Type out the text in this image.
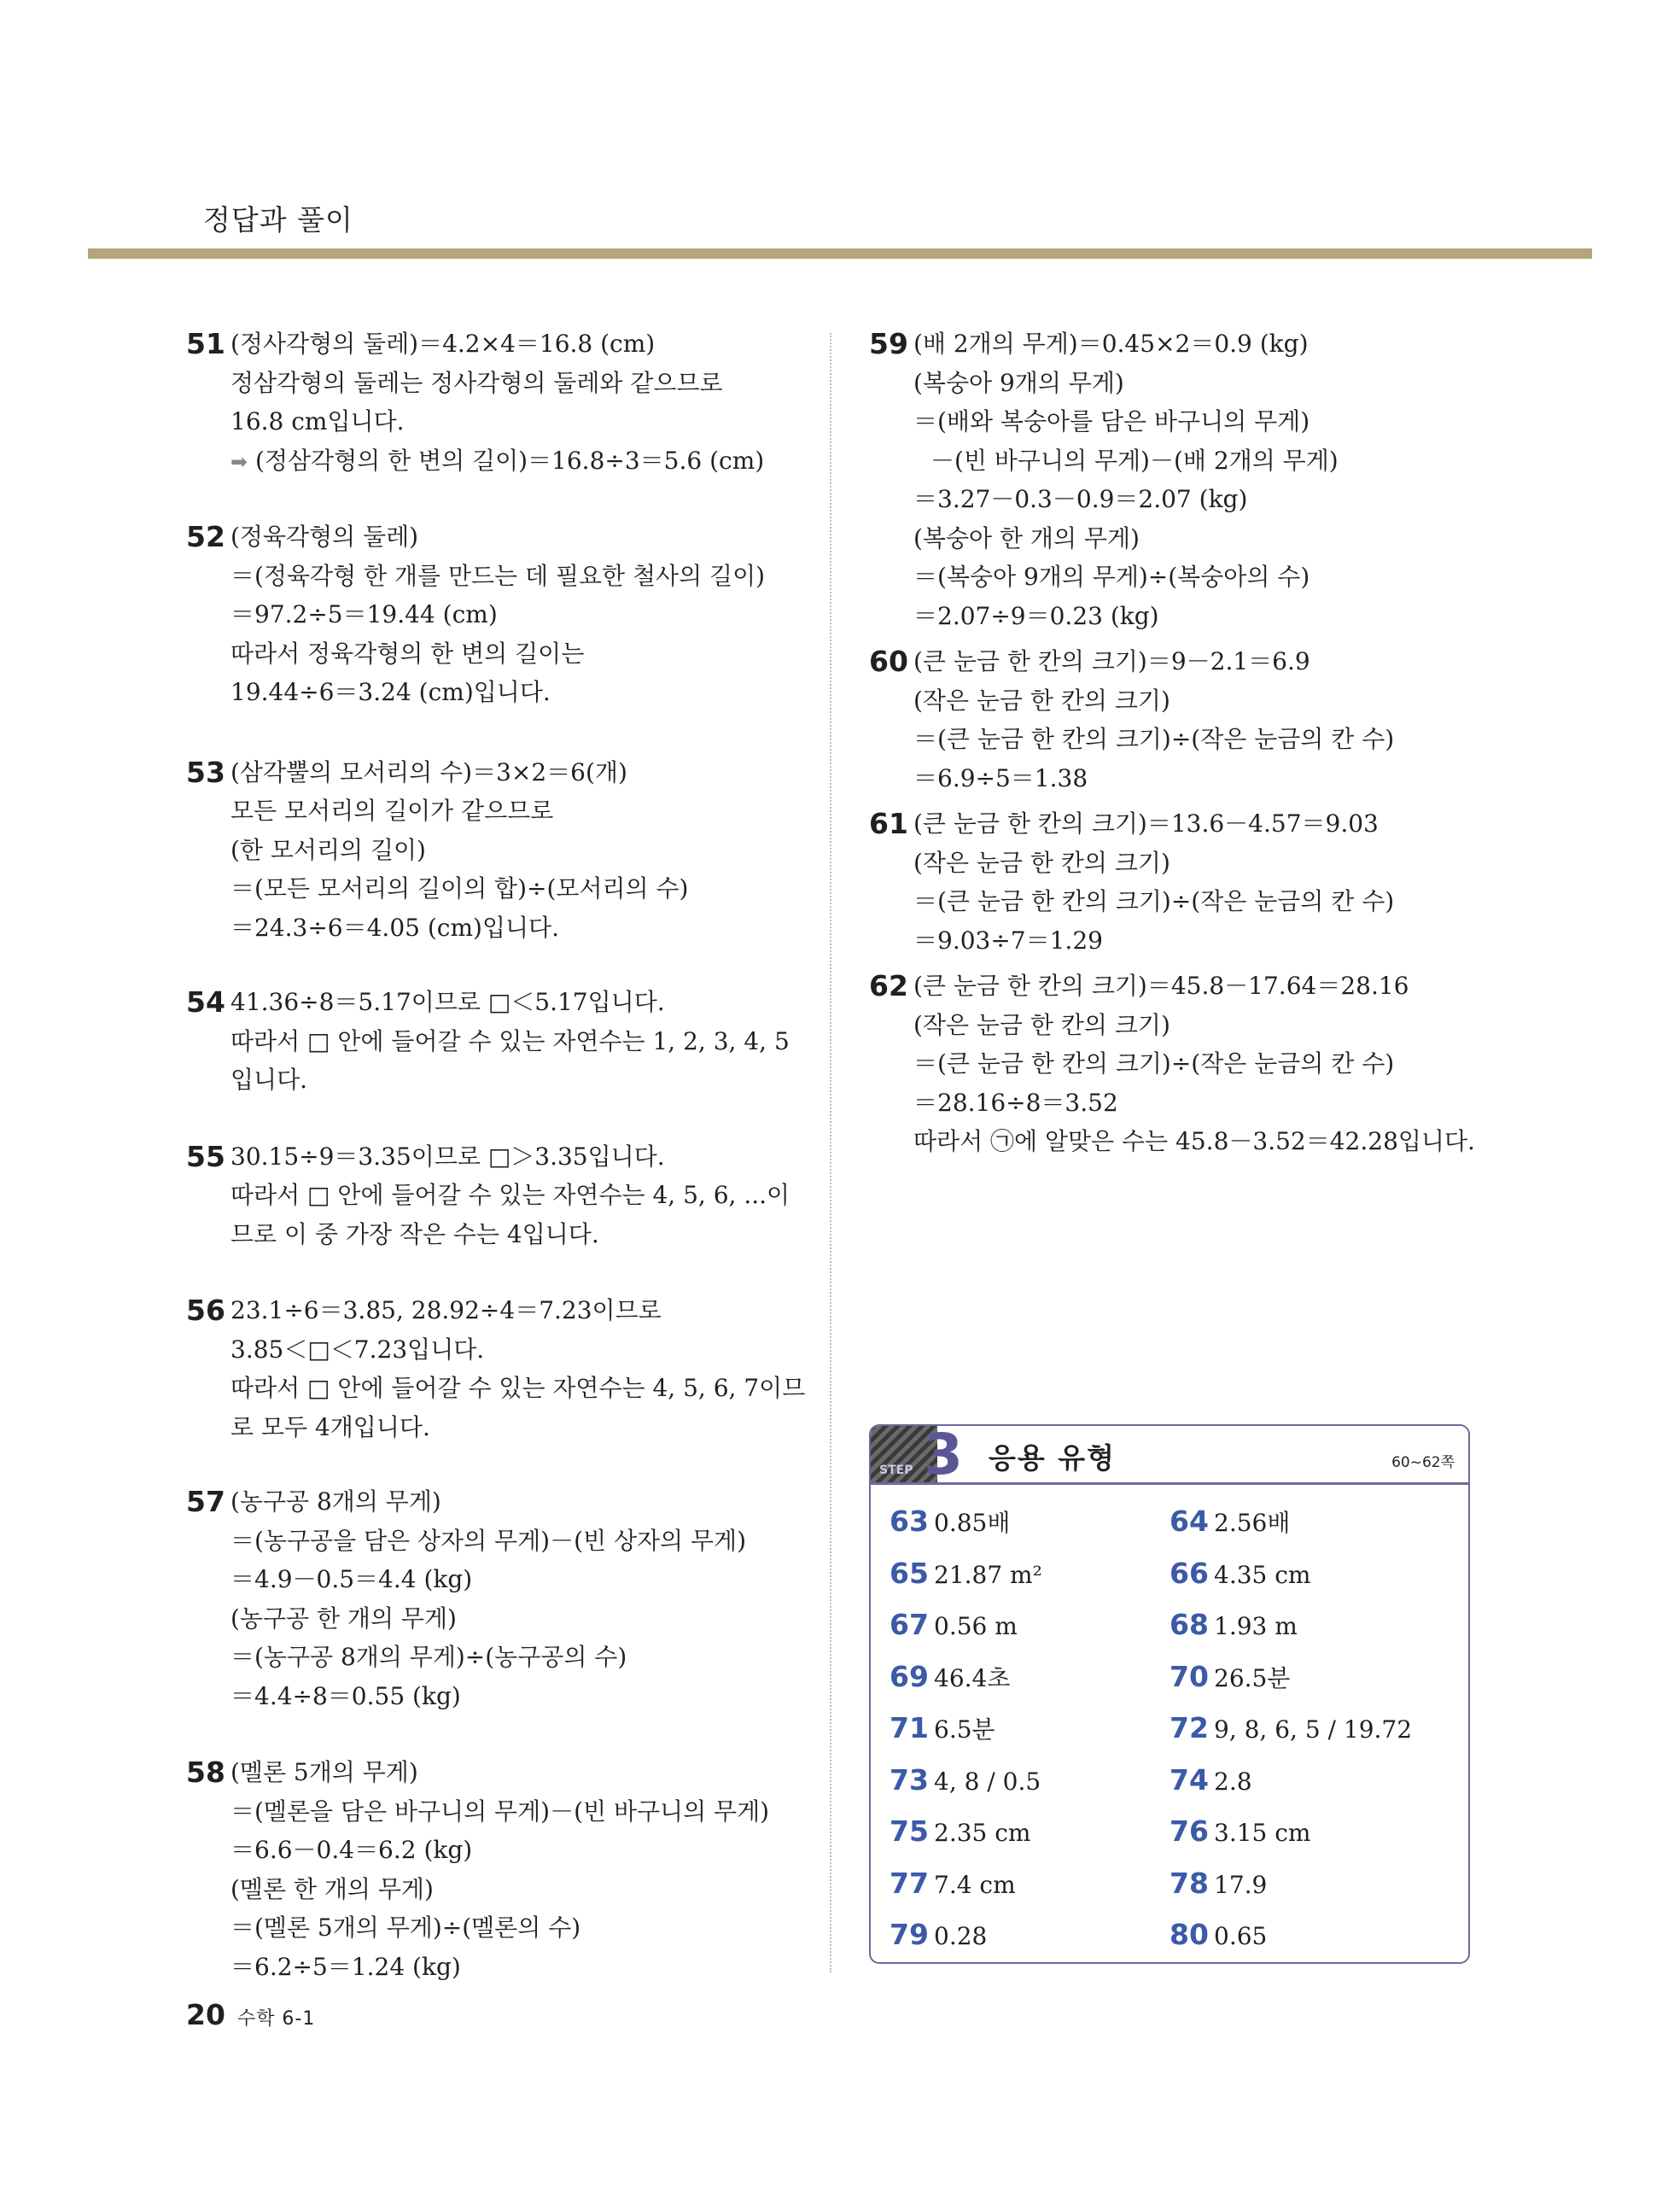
정답과 풀이
51 (정사각형의 둘레)＝4.2×4＝16.8 (cm)
정삼각형의 둘레는 정사각형의 둘레와 같으므로
16.8 cm입니다.
➡ (정삼각형의 한 변의 길이)＝16.8÷3＝5.6 (cm)
52 (정육각형의 둘레)
＝(정육각형 한 개를 만드는 데 필요한 철사의 길이)
＝97.2÷5＝19.44 (cm)
따라서 정육각형의 한 변의 길이는
19.44÷6＝3.24 (cm)입니다.
53 (삼각뿔의 모서리의 수)＝3×2＝6(개)
모든 모서리의 길이가 같으므로
(한 모서리의 길이)
＝(모든 모서리의 길이의 합)÷(모서리의 수)
＝24.3÷6＝4.05 (cm)입니다.
54 41.36÷8＝5.17이므로 □＜5.17입니다.
따라서 □ 안에 들어갈 수 있는 자연수는 1, 2, 3, 4, 5
입니다.
55 30.15÷9＝3.35이므로 □＞3.35입니다.
따라서 □ 안에 들어갈 수 있는 자연수는 4, 5, 6, ...이
므로 이 중 가장 작은 수는 4입니다.
56 23.1÷6＝3.85, 28.92÷4＝7.23이므로
3.85＜□＜7.23입니다.
따라서 □ 안에 들어갈 수 있는 자연수는 4, 5, 6, 7이므
로 모두 4개입니다.
57 (농구공 8개의 무게)
＝(농구공을 담은 상자의 무게)－(빈 상자의 무게)
＝4.9－0.5＝4.4 (kg)
(농구공 한 개의 무게)
＝(농구공 8개의 무게)÷(농구공의 수)
＝4.4÷8＝0.55 (kg)
58 (멜론 5개의 무게)
＝(멜론을 담은 바구니의 무게)－(빈 바구니의 무게)
＝6.6－0.4＝6.2 (kg)
(멜론 한 개의 무게)
＝(멜론 5개의 무게)÷(멜론의 수)
＝6.2÷5＝1.24 (kg)
59 (배 2개의 무게)＝0.45×2＝0.9 (kg)
(복숭아 9개의 무게)
＝(배와 복숭아를 담은 바구니의 무게)
－(빈 바구니의 무게)－(배 2개의 무게)
＝3.27－0.3－0.9＝2.07 (kg)
(복숭아 한 개의 무게)
＝(복숭아 9개의 무게)÷(복숭아의 수)
＝2.07÷9＝0.23 (kg)
60 (큰 눈금 한 칸의 크기)＝9－2.1＝6.9
(작은 눈금 한 칸의 크기)
＝(큰 눈금 한 칸의 크기)÷(작은 눈금의 칸 수)
＝6.9÷5＝1.38
61 (큰 눈금 한 칸의 크기)＝13.6－4.57＝9.03
(작은 눈금 한 칸의 크기)
＝(큰 눈금 한 칸의 크기)÷(작은 눈금의 칸 수)
＝9.03÷7＝1.29
62 (큰 눈금 한 칸의 크기)＝45.8－17.64＝28.16
(작은 눈금 한 칸의 크기)
＝(큰 눈금 한 칸의 크기)÷(작은 눈금의 칸 수)
＝28.16÷8＝3.52
따라서 ㉠에 알맞은 수는 45.8－3.52＝42.28입니다.
STEP 3 응용 유형	60~62쪽
63 0.85배	64 2.56배
65 21.87 m²	66 4.35 cm
67 0.56 m	68 1.93 m
69 46.4초	70 26.5분
71 6.5분	72 9, 8, 6, 5 / 19.72
73 4, 8 / 0.5	74 2.8
75 2.35 cm	76 3.15 cm
77 7.4 cm	78 17.9
79 0.28	80 0.65
20 수학 6-1
